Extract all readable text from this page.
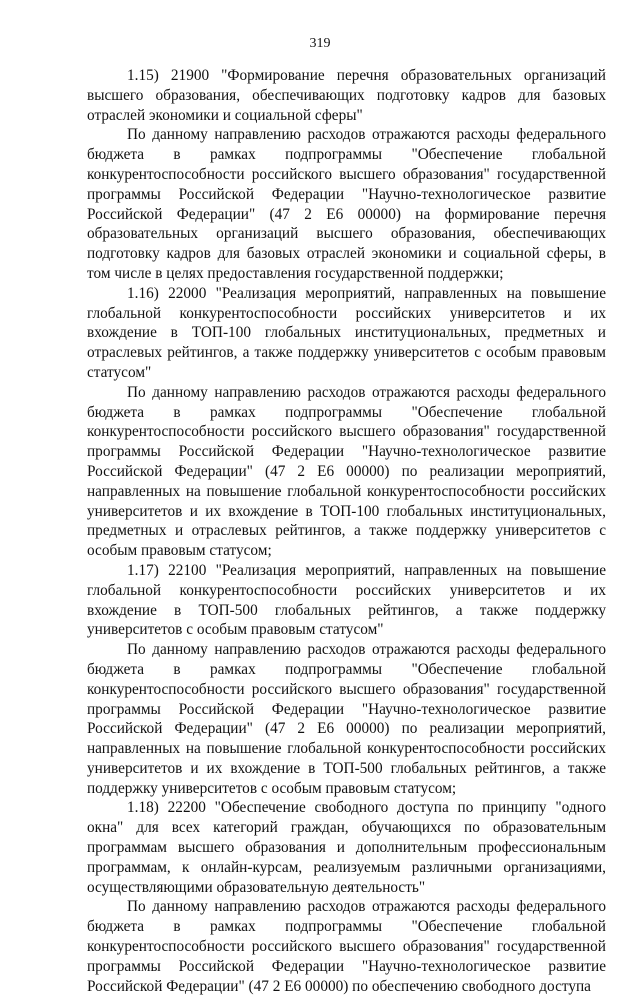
319

1.15) 21900 "Формирование перечня образовательных организаций высшего образования, обеспечивающих подготовку кадров для базовых отраслей экономики и социальной сферы"

По данному направлению расходов отражаются расходы федерального бюджета в рамках подпрограммы "Обеспечение глобальной конкурентоспособности российского высшего образования" государственной программы Российской Федерации "Научно-технологическое развитие Российской Федерации" (47 2 Е6 00000) на формирование перечня образовательных организаций высшего образования, обеспечивающих подготовку кадров для базовых отраслей экономики и социальной сферы, в том числе в целях предоставления государственной поддержки;

1.16) 22000 "Реализация мероприятий, направленных на повышение глобальной конкурентоспособности российских университетов и их вхождение в ТОП-100 глобальных институциональных, предметных и отраслевых рейтингов, а также поддержку университетов с особым правовым статусом"

По данному направлению расходов отражаются расходы федерального бюджета в рамках подпрограммы "Обеспечение глобальной конкурентоспособности российского высшего образования" государственной программы Российской Федерации "Научно-технологическое развитие Российской Федерации" (47 2 Е6 00000) по реализации мероприятий, направленных на повышение глобальной конкурентоспособности российских университетов и их вхождение в ТОП-100 глобальных институциональных, предметных и отраслевых рейтингов, а также поддержку университетов с особым правовым статусом;

1.17) 22100 "Реализация мероприятий, направленных на повышение глобальной конкурентоспособности российских университетов и их вхождение в ТОП-500 глобальных рейтингов, а также поддержку университетов с особым правовым статусом"

По данному направлению расходов отражаются расходы федерального бюджета в рамках подпрограммы "Обеспечение глобальной конкурентоспособности российского высшего образования" государственной программы Российской Федерации "Научно-технологическое развитие Российской Федерации" (47 2 Е6 00000) по реализации мероприятий, направленных на повышение глобальной конкурентоспособности российских университетов и их вхождение в ТОП-500 глобальных рейтингов, а также поддержку университетов с особым правовым статусом;

1.18) 22200 "Обеспечение свободного доступа по принципу "одного окна" для всех категорий граждан, обучающихся по образовательным программам высшего образования и дополнительным профессиональным программам, к онлайн-курсам, реализуемым различными организациями, осуществляющими образовательную деятельность"

По данному направлению расходов отражаются расходы федерального бюджета в рамках подпрограммы "Обеспечение глобальной конкурентоспособности российского высшего образования" государственной программы Российской Федерации "Научно-технологическое развитие Российской Федерации" (47 2 Е6 00000) по обеспечению свободного доступа
